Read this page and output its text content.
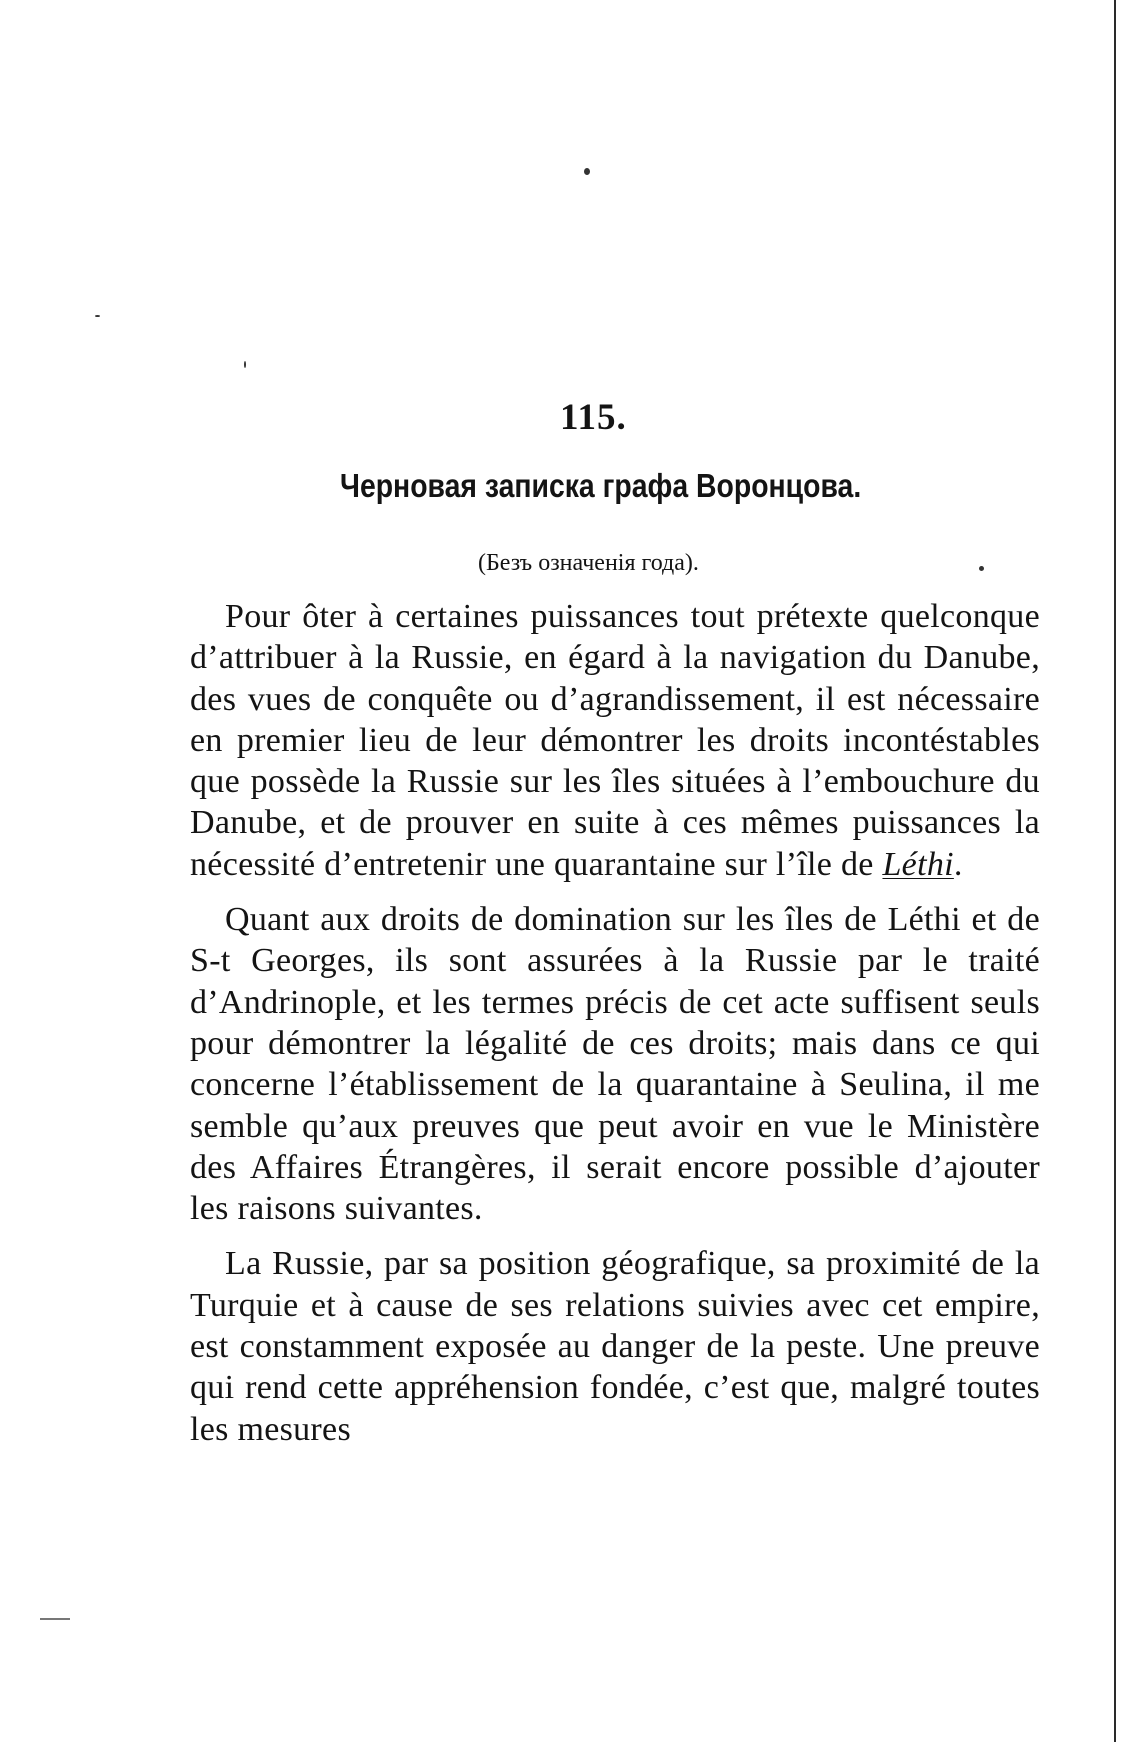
115.
Черновая записка графа Воронцова.
(Безъ означенія года).

Pour ôter à certaines puissances tout prétexte quelconque d’attribuer à la Russie, en égard à la navigation du Danube, des vues de conquête ou d’agrandissement, il est nécessaire en premier lieu de leur démontrer les droits incontéstables que possède la Russie sur les îles situées à l’embouchure du Danube, et de prouver en suite à ces mêmes puissances la nécessité d’entretenir une quarantaine sur l’île de Léthi.

Quant aux droits de domination sur les îles de Léthi et de S-t Georges, ils sont assurées à la Russie par le traité d’Andrinople, et les termes précis de cet acte suffisent seuls pour démontrer la légalité de ces droits; mais dans ce qui concerne l’établissement de la quarantaine à Seulina, il me semble qu’aux preuves que peut avoir en vue le Ministère des Affaires Étrangères, il serait encore possible d’ajouter les raisons suivantes.

La Russie, par sa position géografique, sa proximité de la Turquie et à cause de ses relations suivies avec cet empire, est constamment exposée au danger de la peste. Une preuve qui rend cette appréhension fondée, c’est que, malgré toutes les mesures
